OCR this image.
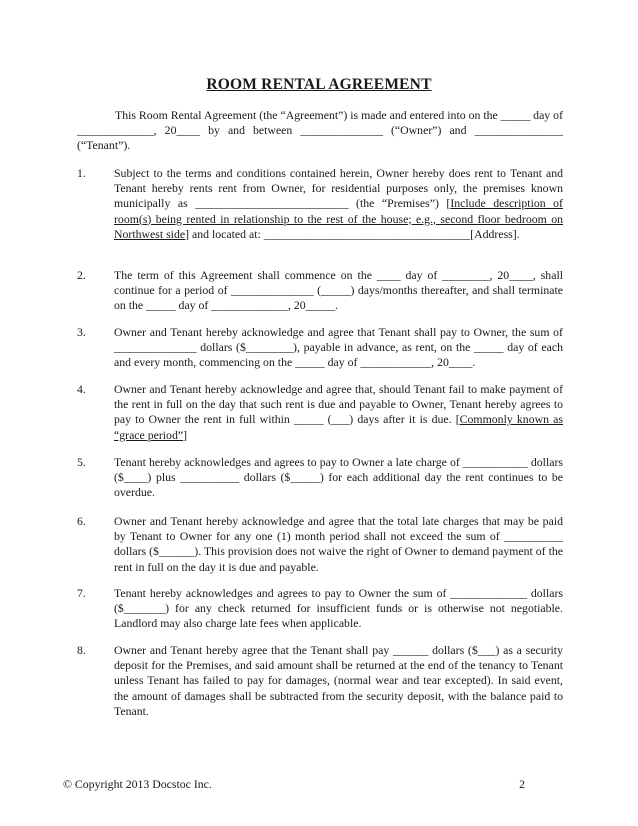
ROOM RENTAL AGREEMENT

This Room Rental Agreement (the “Agreement”) is made and entered into on the _____ day of _____________, 20____ by and between ______________ (“Owner”) and _______________ (“Tenant”).

1. Subject to the terms and conditions contained herein, Owner hereby does rent to Tenant and Tenant hereby rents rent from Owner, for residential purposes only, the premises known municipally as __________________________ (the “Premises”) [Include description of room(s) being rented in relationship to the rest of the house; e.g., second floor bedroom on Northwest side] and located at: ___________________________________[Address].
2. The term of this Agreement shall commence on the ____ day of ________, 20____, shall continue for a period of ______________ (_____) days/months thereafter, and shall terminate on the _____ day of _____________, 20_____.
3. Owner and Tenant hereby acknowledge and agree that Tenant shall pay to Owner, the sum of ______________ dollars ($________), payable in advance, as rent, on the _____ day of each and every month, commencing on the _____ day of ____________, 20____.
4. Owner and Tenant hereby acknowledge and agree that, should Tenant fail to make payment of the rent in full on the day that such rent is due and payable to Owner, Tenant hereby agrees to pay to Owner the rent in full within _____ (___) days after it is due. [Commonly known as “grace period”]
5. Tenant hereby acknowledges and agrees to pay to Owner a late charge of ___________ dollars ($____) plus __________ dollars ($_____) for each additional day the rent continues to be overdue.
6. Owner and Tenant hereby acknowledge and agree that the total late charges that may be paid by Tenant to Owner for any one (1) month period shall not exceed the sum of __________ dollars ($______). This provision does not waive the right of Owner to demand payment of the rent in full on the day it is due and payable.
7. Tenant hereby acknowledges and agrees to pay to Owner the sum of _____________ dollars ($_______) for any check returned for insufficient funds or is otherwise not negotiable. Landlord may also charge late fees when applicable.
8. Owner and Tenant hereby agree that the Tenant shall pay ______ dollars ($___) as a security deposit for the Premises, and said amount shall be returned at the end of the tenancy to Tenant unless Tenant has failed to pay for damages, (normal wear and tear excepted). In said event, the amount of damages shall be subtracted from the security deposit, with the balance paid to Tenant.
© Copyright 2013 Docstoc Inc.	2
